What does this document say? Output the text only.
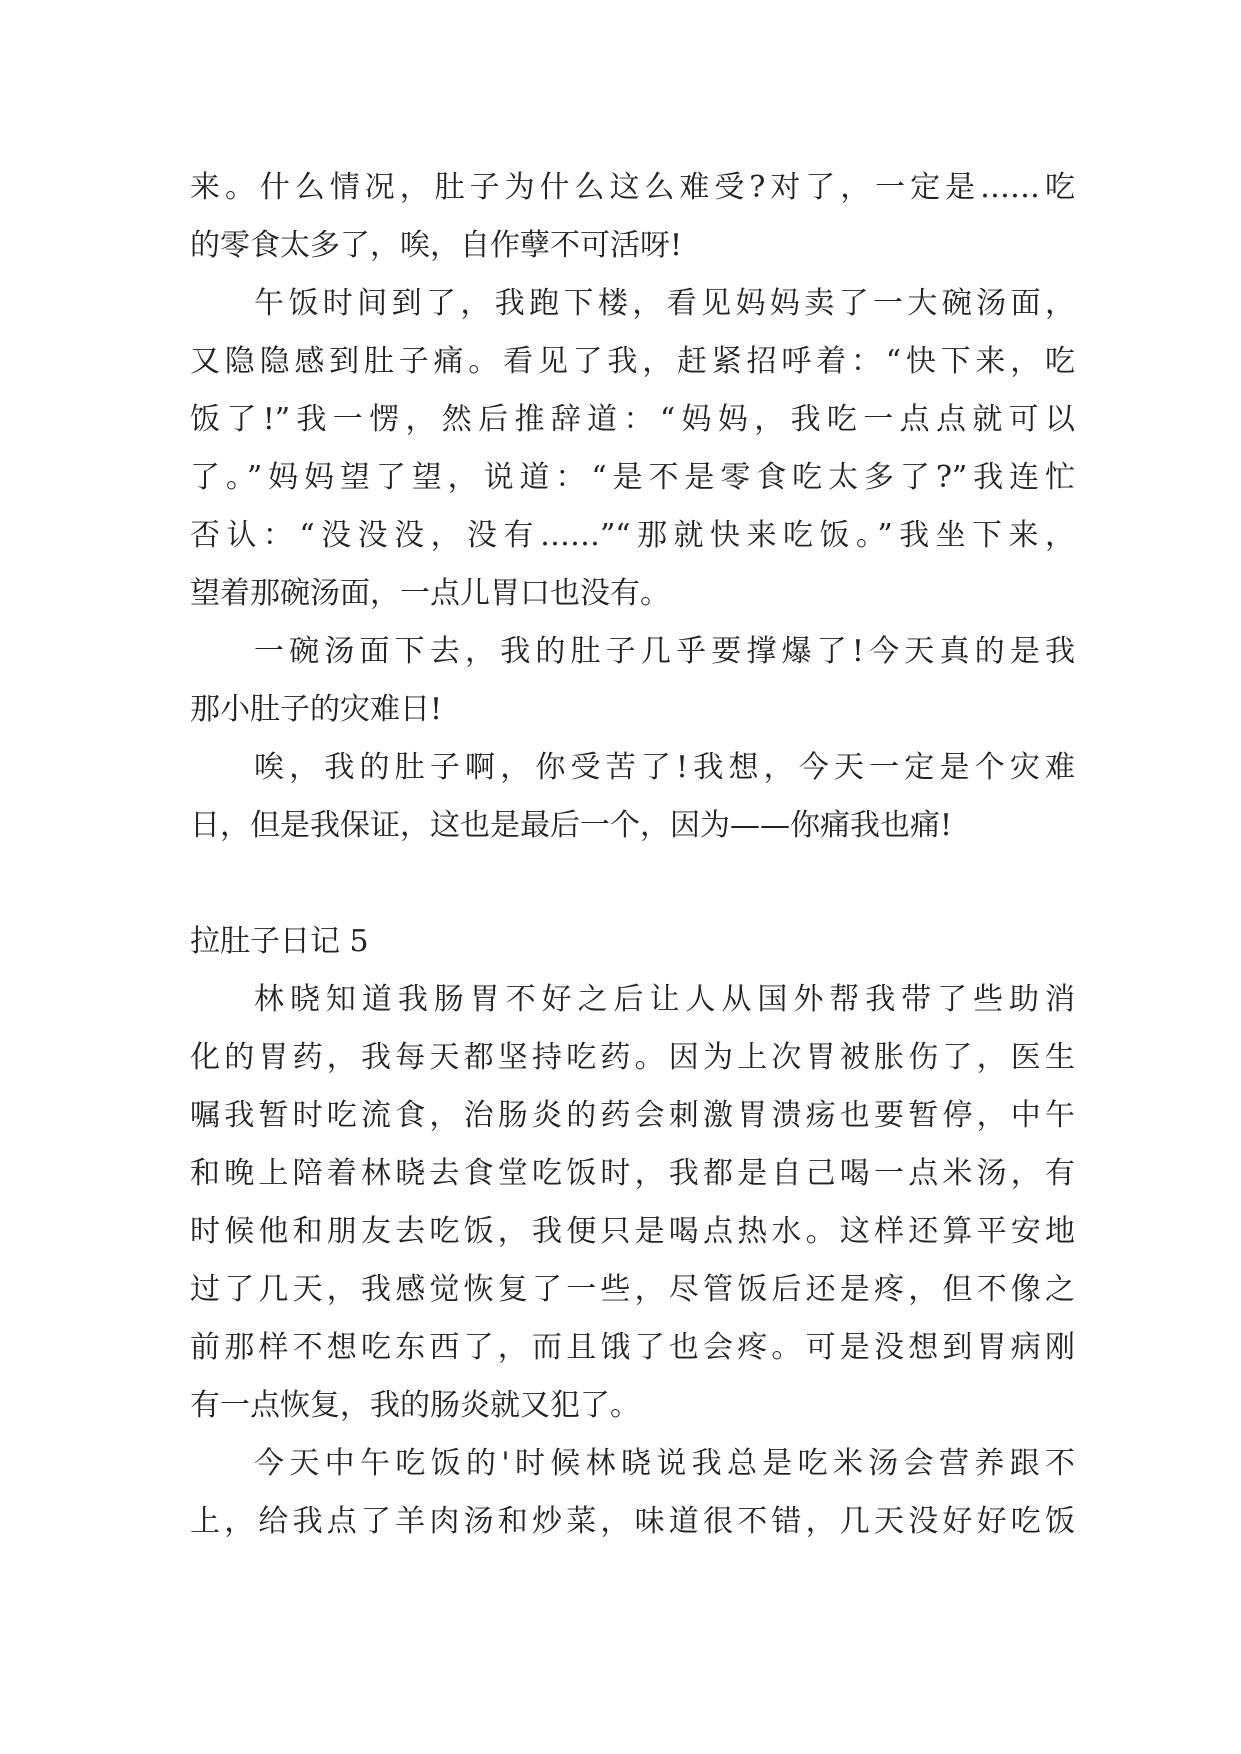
来。什么情况，肚子为什么这么难受?对了，一定是……吃
的零食太多了，唉，自作孽不可活呀!
午饭时间到了，我跑下楼，看见妈妈卖了一大碗汤面，
又隐隐感到肚子痛。看见了我，赶紧招呼着：“快下来，吃
饭了!”我一愣，然后推辞道：“妈妈，我吃一点点就可以
了。”妈妈望了望，说道：“是不是零食吃太多了?”我连忙
否认：“没没没，没有……”“那就快来吃饭。”我坐下来，
望着那碗汤面，一点儿胃口也没有。
一碗汤面下去，我的肚子几乎要撑爆了!今天真的是我
那小肚子的灾难日!
唉，我的肚子啊，你受苦了!我想，今天一定是个灾难
日，但是我保证，这也是最后一个，因为——你痛我也痛!
拉肚子日记 5
林晓知道我肠胃不好之后让人从国外帮我带了些助消
化的胃药，我每天都坚持吃药。因为上次胃被胀伤了，医生
嘱我暂时吃流食，治肠炎的药会刺激胃溃疡也要暂停，中午
和晚上陪着林晓去食堂吃饭时，我都是自己喝一点米汤，有
时候他和朋友去吃饭，我便只是喝点热水。这样还算平安地
过了几天，我感觉恢复了一些，尽管饭后还是疼，但不像之
前那样不想吃东西了，而且饿了也会疼。可是没想到胃病刚
有一点恢复，我的肠炎就又犯了。
今天中午吃饭的'时候林晓说我总是吃米汤会营养跟不
上，给我点了羊肉汤和炒菜，味道很不错，几天没好好吃饭
